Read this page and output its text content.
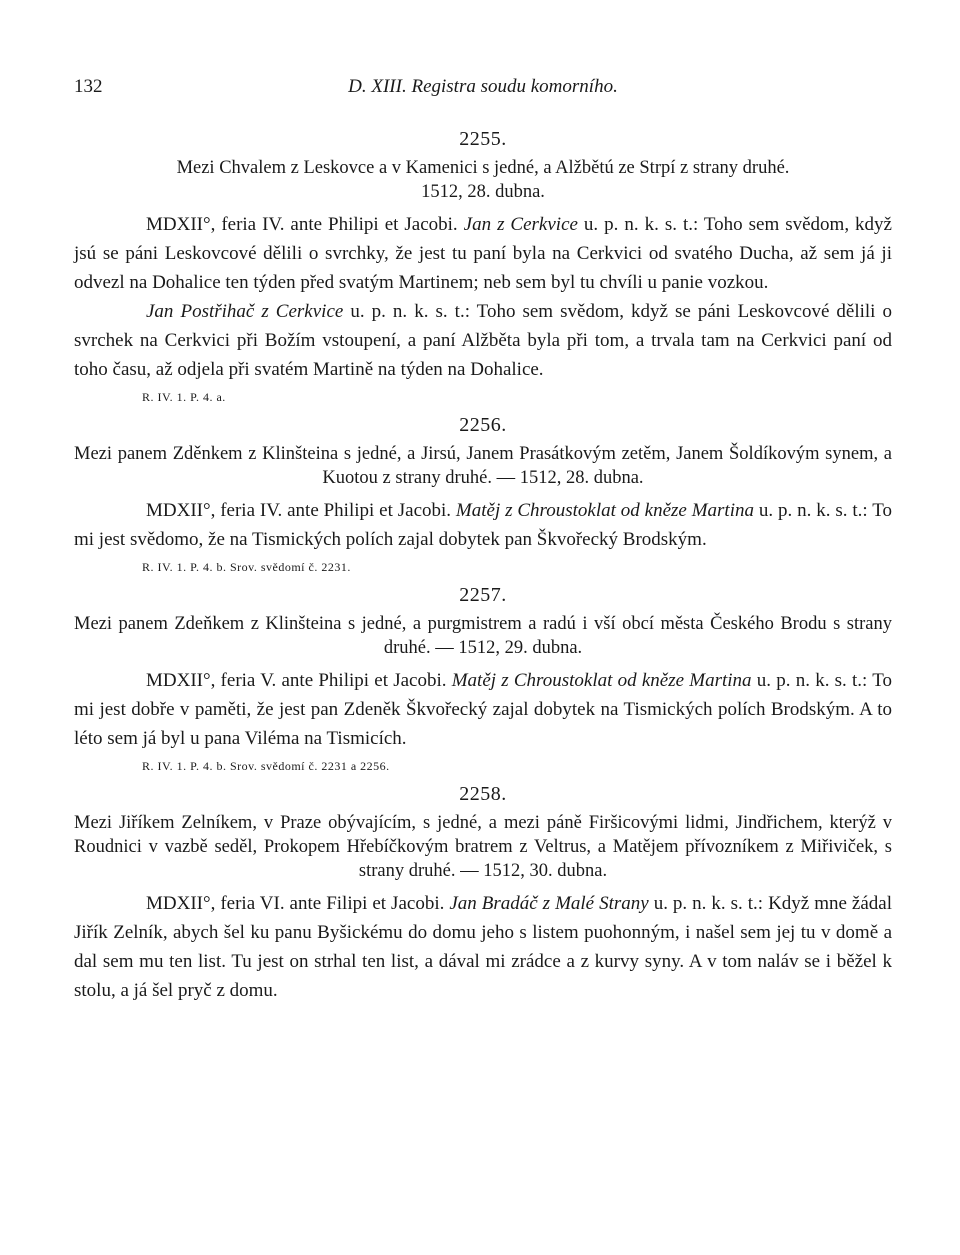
132	D. XIII. Registra soudu komorního.
2255.
Mezi Chvalem z Leskovce a v Kamenici s jedné, a Alžbětú ze Strpí z strany druhé.
1512, 28. dubna.

MDXII°, feria IV. ante Philipi et Jacobi. Jan z Cerkvice u. p. n. k. s. t.: Toho sem svědom, když jsú se páni Leskovcové dělili o svrchky, že jest tu paní byla na Cerkvici od svatého Ducha, až sem já ji odvezl na Dohalice ten týden před svatým Martinem; neb sem byl tu chvíli u panie vozkou.

Jan Postřihač z Cerkvice u. p. n. k. s. t.: Toho sem svědom, když se páni Leskovcové dělili o svrchek na Cerkvici při Božím vstoupení, a paní Alžběta byla při tom, a trvala tam na Cerkvici paní od toho času, až odjela při svatém Martině na týden na Dohalice.

R. IV. 1. P. 4. a.
2256.
Mezi panem Zděnkem z Klinšteina s jedné, a Jirsú, Janem Prasátkovým zetěm, Janem Šoldíkovým synem, a Kuotou z strany druhé. — 1512, 28. dubna.

MDXII°, feria IV. ante Philipi et Jacobi. Matěj z Chroustoklat od kněze Martina u. p. n. k. s. t.: To mi jest svědomo, že na Tismických polích zajal dobytek pan Škvořecký Brodským.

R. IV. 1. P. 4. b. Srov. svědomí č. 2231.
2257.
Mezi panem Zdeňkem z Klinšteina s jedné, a purgmistrem a radú i vší obcí města Českého Brodu s strany druhé. — 1512, 29. dubna.

MDXII°, feria V. ante Philipi et Jacobi. Matěj z Chroustoklat od kněze Martina u. p. n. k. s. t.: To mi jest dobře v paměti, že jest pan Zdeněk Škvořecký zajal dobytek na Tismických polích Brodským. A to léto sem já byl u pana Viléma na Tismicích.

R. IV. 1. P. 4. b. Srov. svědomí č. 2231 a 2256.
2258.
Mezi Jiříkem Zelníkem, v Praze obývajícím, s jedné, a mezi páně Firšicovými lidmi, Jindřichem, kterýž v Roudnici v vazbě seděl, Prokopem Hřebíčkovým bratrem z Veltrus, a Matějem přívozníkem z Miřiviček, s strany druhé. — 1512, 30. dubna.

MDXII°, feria VI. ante Filipi et Jacobi. Jan Bradáč z Malé Strany u. p. n. k. s. t.: Když mne žádal Jiřík Zelník, abych šel ku panu Byšickému do domu jeho s listem puohonným, i našel sem jej tu v domě a dal sem mu ten list. Tu jest on strhal ten list, a dával mi zrádce a z kurvy syny. A v tom naláv se i běžel k stolu, a já šel pryč z domu.
